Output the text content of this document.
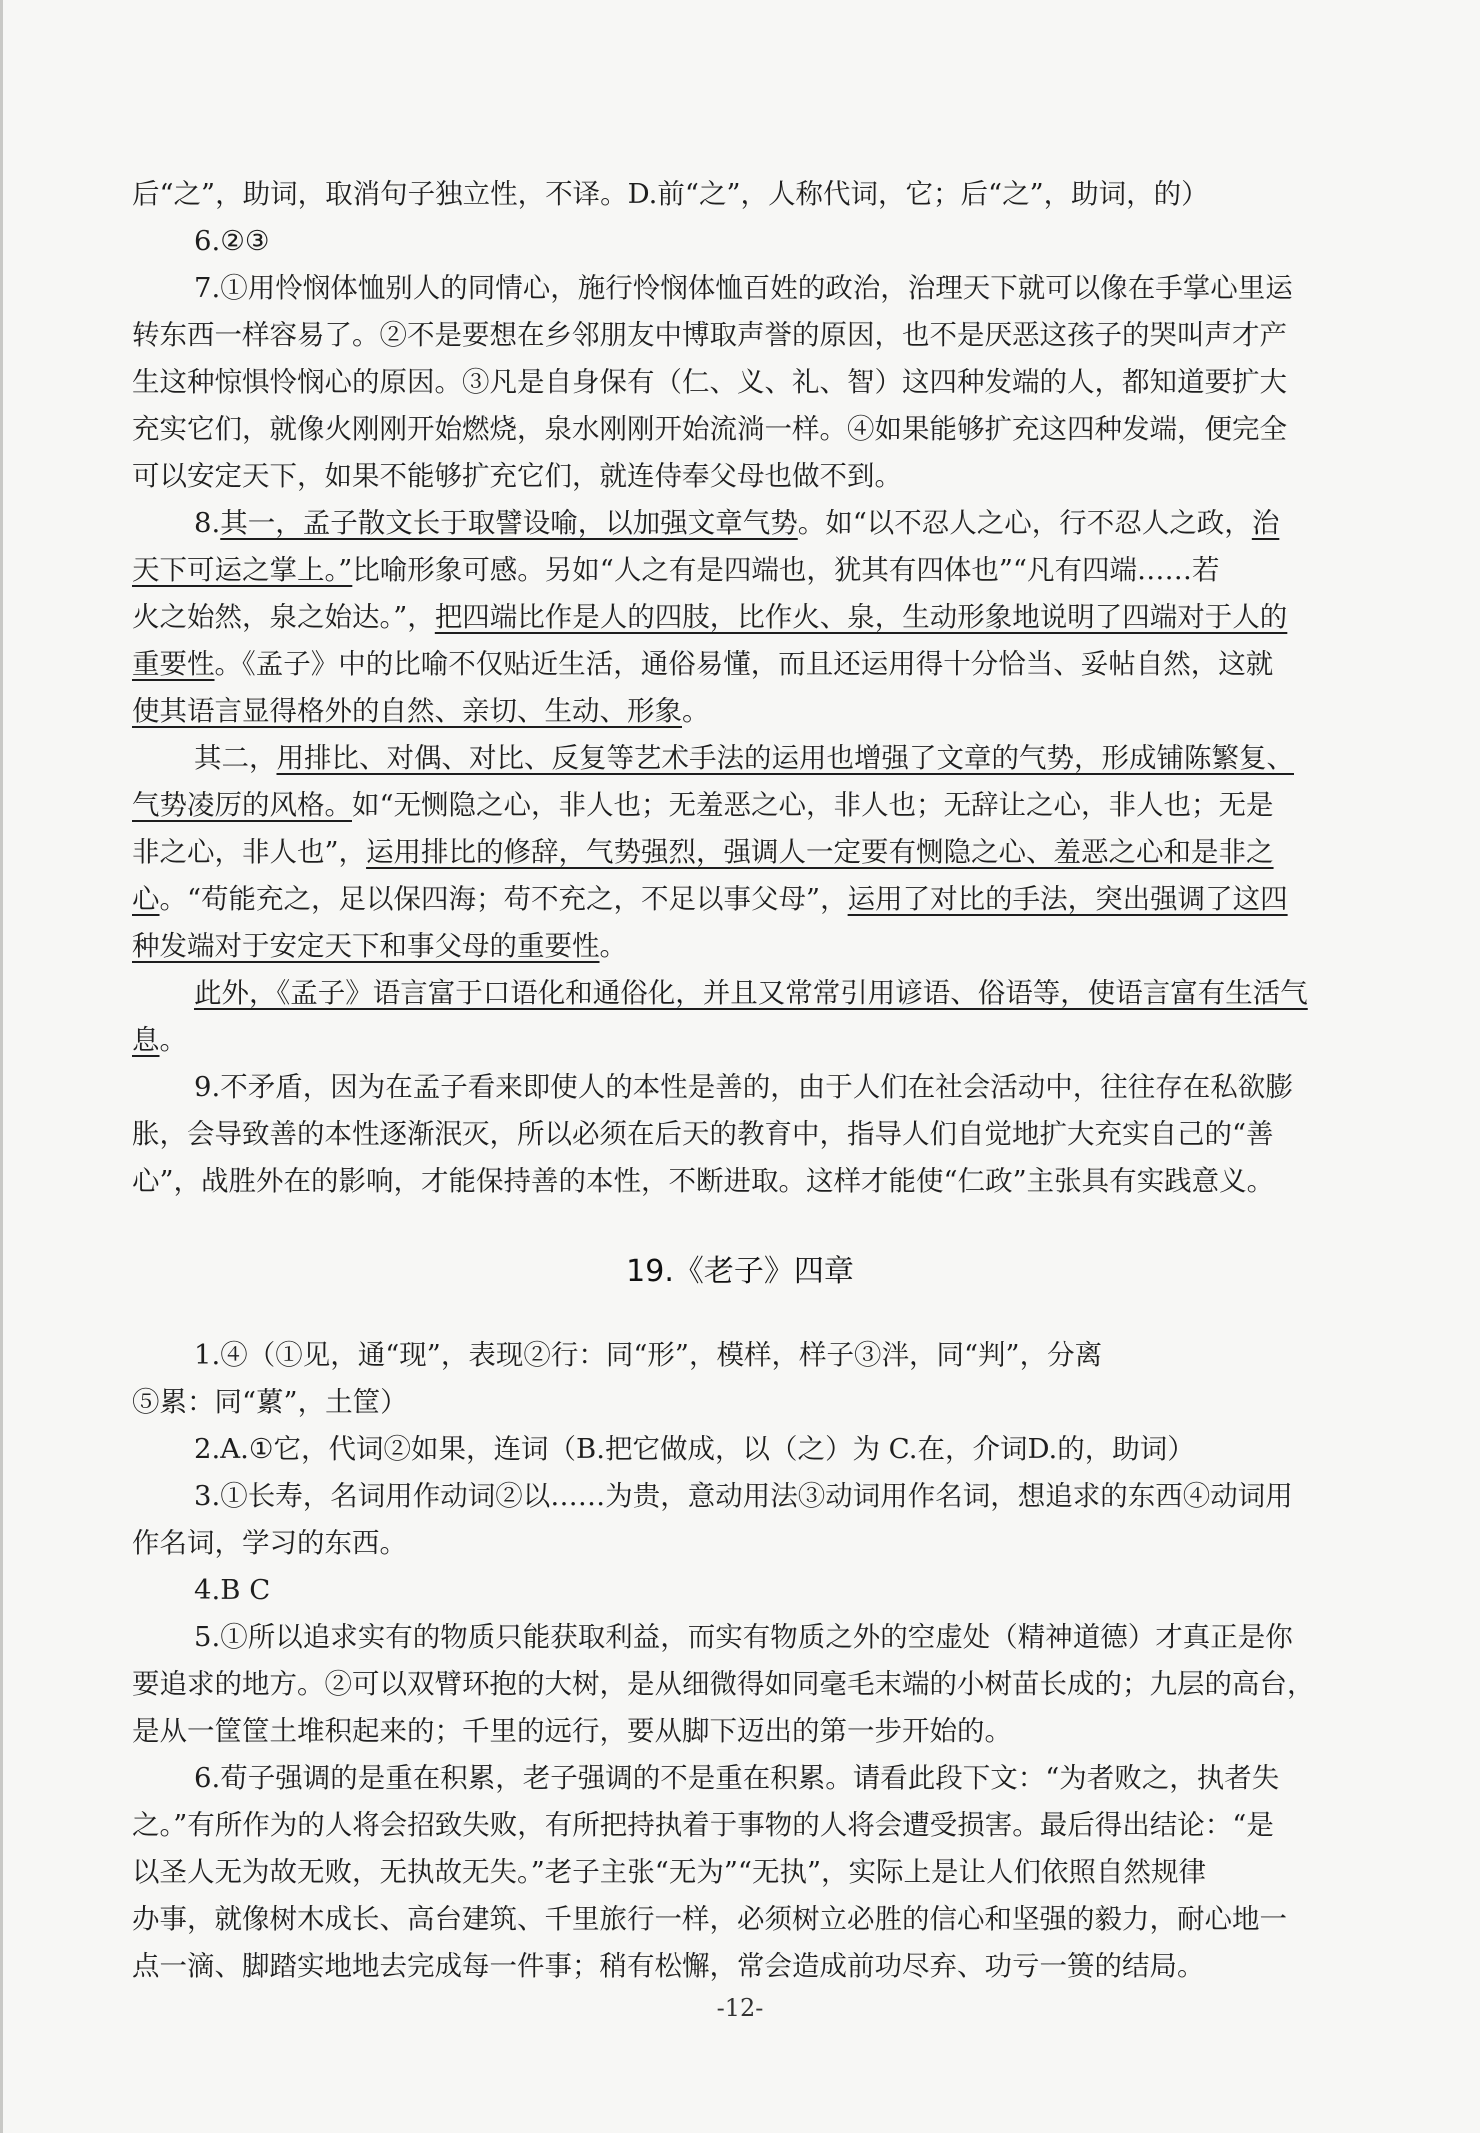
后“之”，助词，取消句子独立性，不译。D.前“之”，人称代词，它；后“之”，助词，的）
6.②③
7.①用怜悯体恤别人的同情心，施行怜悯体恤百姓的政治，治理天下就可以像在手掌心里运
转东西一样容易了。②不是要想在乡邻朋友中博取声誉的原因，也不是厌恶这孩子的哭叫声才产
生这种惊惧怜悯心的原因。③凡是自身保有（仁、义、礼、智）这四种发端的人，都知道要扩大
充实它们，就像火刚刚开始燃烧，泉水刚刚开始流淌一样。④如果能够扩充这四种发端，便完全
可以安定天下，如果不能够扩充它们，就连侍奉父母也做不到。
8.其一，孟子散文长于取譬设喻，以加强文章气势。如“以不忍人之心，行不忍人之政，治
天下可运之掌上。”比喻形象可感。另如“人之有是四端也，犹其有四体也”“凡有四端……若
火之始然，泉之始达。”，把四端比作是人的四肢，比作火、泉，生动形象地说明了四端对于人的
重要性。《孟子》中的比喻不仅贴近生活，通俗易懂，而且还运用得十分恰当、妥帖自然，这就
使其语言显得格外的自然、亲切、生动、形象。
其二，用排比、对偶、对比、反复等艺术手法的运用也增强了文章的气势，形成铺陈繁复、
气势凌厉的风格。如“无恻隐之心，非人也；无羞恶之心，非人也；无辞让之心，非人也；无是
非之心，非人也”，运用排比的修辞，气势强烈，强调人一定要有恻隐之心、羞恶之心和是非之
心。“苟能充之，足以保四海；苟不充之，不足以事父母”，运用了对比的手法，突出强调了这四
种发端对于安定天下和事父母的重要性。
此外，《孟子》语言富于口语化和通俗化，并且又常常引用谚语、俗语等，使语言富有生活气
息。
9.不矛盾，因为在孟子看来即使人的本性是善的，由于人们在社会活动中，往往存在私欲膨
胀，会导致善的本性逐渐泯灭，所以必须在后天的教育中，指导人们自觉地扩大充实自己的“善
心”，战胜外在的影响，才能保持善的本性，不断进取。这样才能使“仁政”主张具有实践意义。
19.《老子》四章
1.④（①见，通“现”，表现②行：同“形”，模样，样子③泮，同“判”，分离
⑤累：同“蔂”，土筐）
2.A.①它，代词②如果，连词（B.把它做成，以（之）为 C.在，介词D.的，助词）
3.①长寿，名词用作动词②以……为贵，意动用法③动词用作名词，想追求的东西④动词用
作名词，学习的东西。
4.B C
5.①所以追求实有的物质只能获取利益，而实有物质之外的空虚处（精神道德）才真正是你
要追求的地方。②可以双臂环抱的大树，是从细微得如同毫毛末端的小树苗长成的；九层的高台，
是从一筐筐土堆积起来的；千里的远行，要从脚下迈出的第一步开始的。
6.荀子强调的是重在积累，老子强调的不是重在积累。请看此段下文：“为者败之，执者失
之。”有所作为的人将会招致失败，有所把持执着于事物的人将会遭受损害。最后得出结论：“是
以圣人无为故无败，无执故无失。”老子主张“无为”“无执”，实际上是让人们依照自然规律
办事，就像树木成长、高台建筑、千里旅行一样，必须树立必胜的信心和坚强的毅力，耐心地一
点一滴、脚踏实地地去完成每一件事；稍有松懈，常会造成前功尽弃、功亏一篑的结局。
-12-
